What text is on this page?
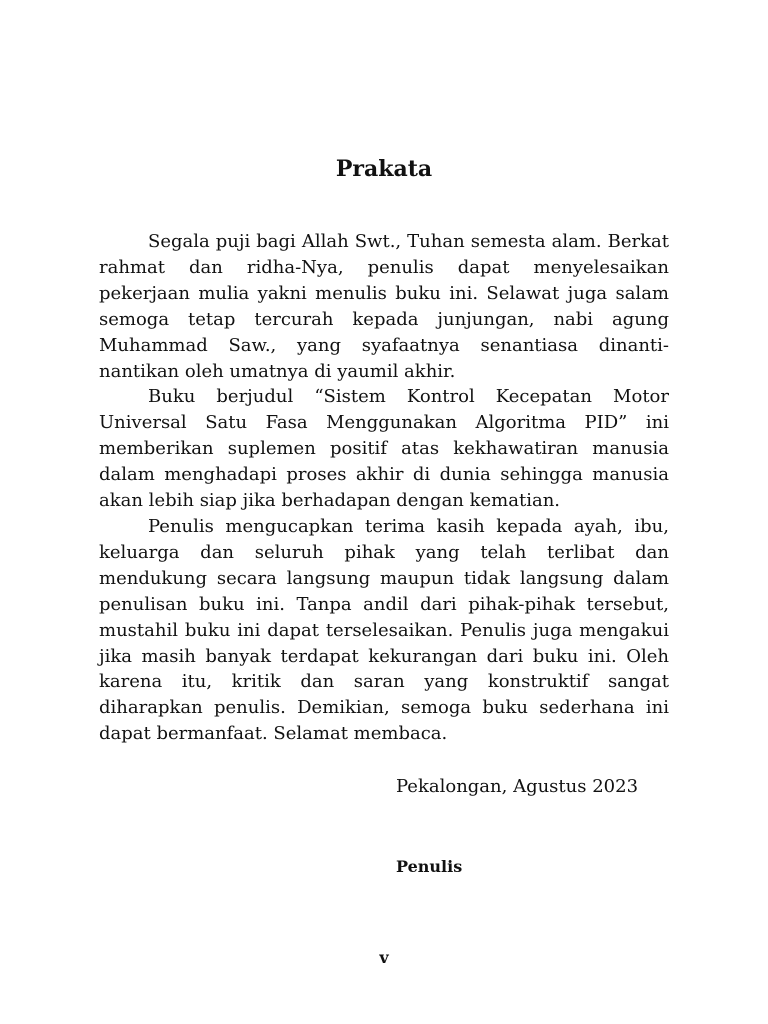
Prakata

Segala puji bagi Allah Swt., Tuhan semesta alam. Berkat rahmat dan ridha-Nya, penulis dapat menyelesaikan pekerjaan mulia yakni menulis buku ini. Selawat juga salam semoga tetap tercurah kepada junjungan, nabi agung Muhammad Saw., yang syafaatnya senantiasa dinanti-nantikan oleh umatnya di yaumil akhir.

Buku berjudul “Sistem Kontrol Kecepatan Motor Universal Satu Fasa Menggunakan Algoritma PID” ini memberikan suplemen positif atas kekhawatiran manusia dalam menghadapi proses akhir di dunia sehingga manusia akan lebih siap jika berhadapan dengan kematian.

Penulis mengucapkan terima kasih kepada ayah, ibu, keluarga dan seluruh pihak yang telah terlibat dan mendukung secara langsung maupun tidak langsung dalam penulisan buku ini. Tanpa andil dari pihak-pihak tersebut, mustahil buku ini dapat terselesaikan. Penulis juga mengakui jika masih banyak terdapat kekurangan dari buku ini. Oleh karena itu, kritik dan saran yang konstruktif sangat diharapkan penulis. Demikian, semoga buku sederhana ini dapat bermanfaat. Selamat membaca.

Pekalongan, Agustus 2023

Penulis

v
